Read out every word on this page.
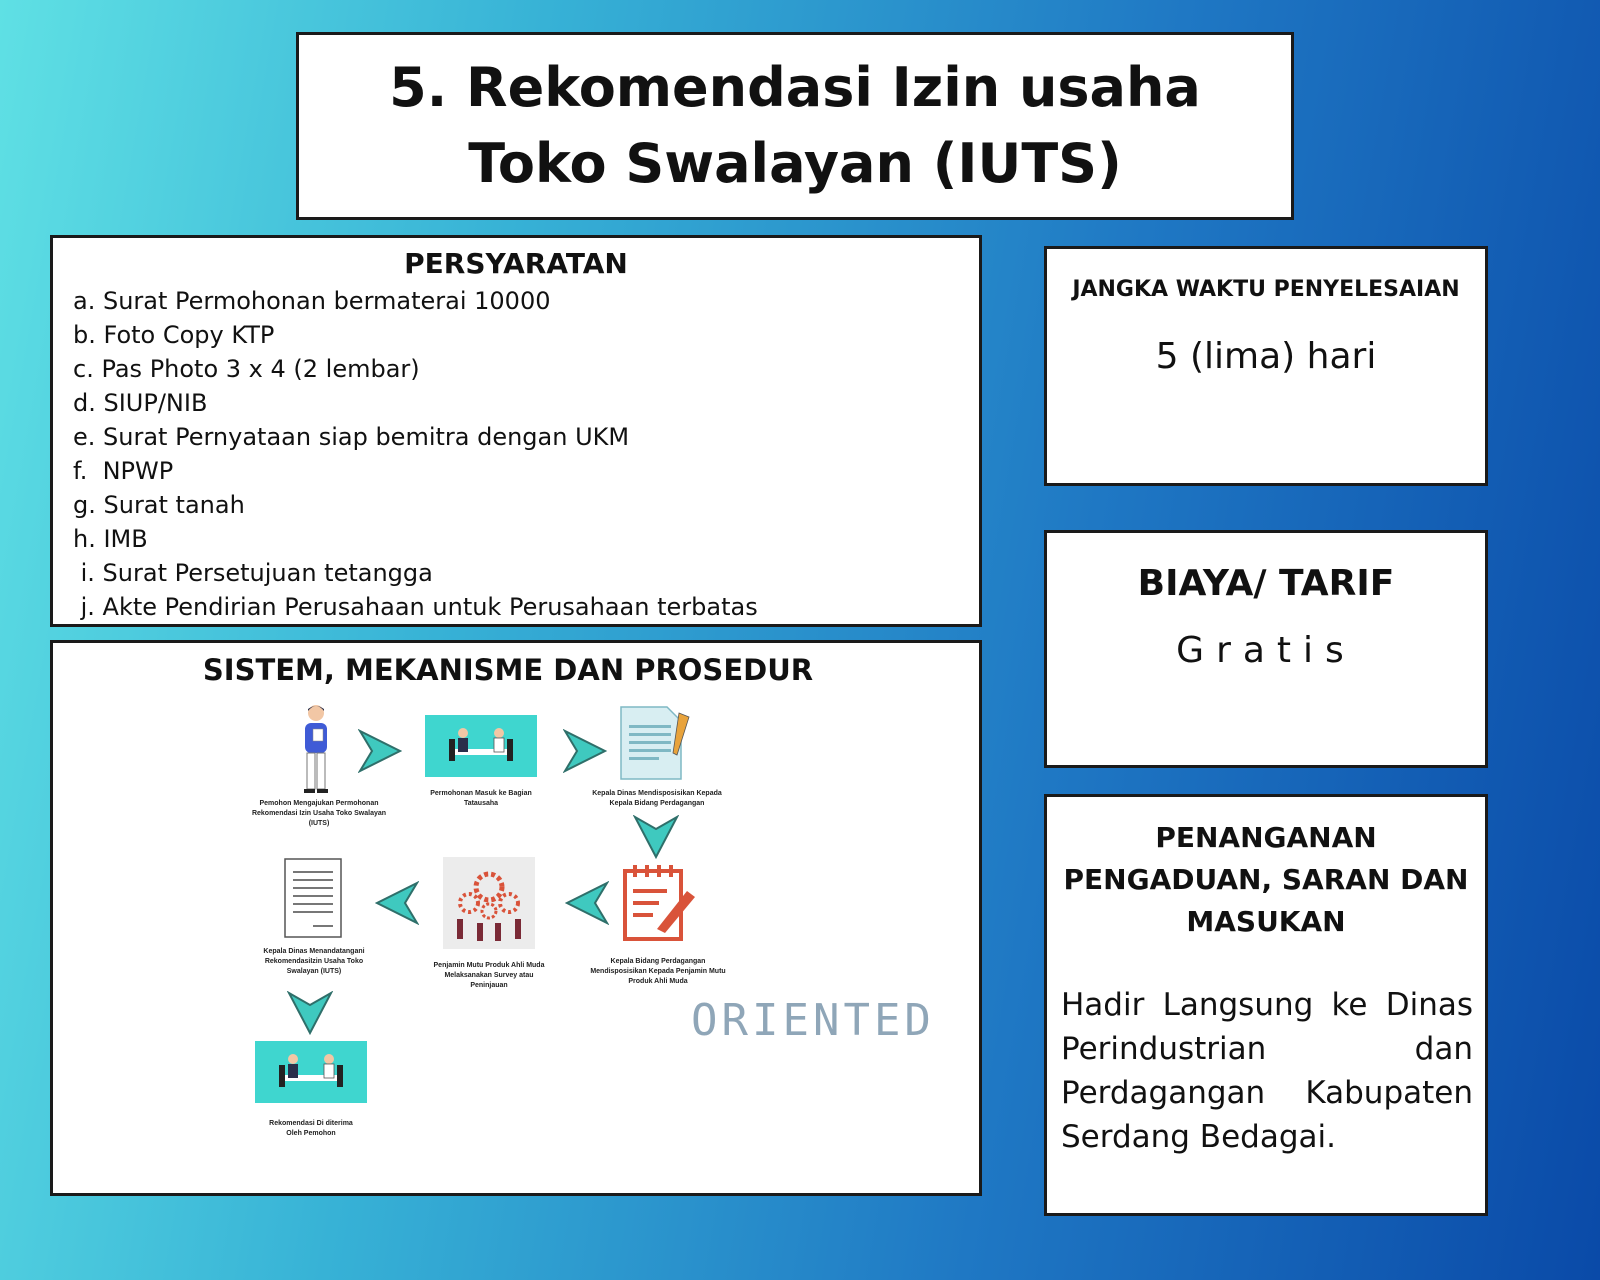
5. Rekomendasi Izin usaha Toko Swalayan (IUTS)
PERSYARATAN
a. Surat Permohonan bermaterai 10000
b. Foto Copy KTP
c. Pas Photo 3 x 4 (2 lembar)
d. SIUP/NIB
e. Surat Pernyataan siap bemitra dengan UKM
f.  NPWP
g. Surat tanah
h. IMB
i. Surat Persetujuan tetangga
j. Akte Pendirian Perusahaan untuk Perusahaan terbatas
SISTEM, MEKANISME DAN PROSEDUR
Pemohon Mengajukan Permohonan Rekomendasi Izin Usaha Toko Swalayan (IUTS)
Permohonan Masuk ke Bagian Tatausaha
Kepala Dinas Mendisposisikan Kepada Kepala Bidang Perdagangan
Kepala Bidang Perdagangan Mendisposisikan Kepada Penjamin Mutu Produk Ahli Muda
Penjamin Mutu Produk Ahli Muda Melaksanakan Survey atau Peninjauan
Kepala Dinas Menandatangani RekomendasiIzin Usaha Toko Swalayan (IUTS)
Rekomendasi Di diterima Oleh Pemohon
ORIENTED
JANGKA WAKTU PENYELESAIAN
5 (lima) hari
BIAYA/ TARIF
Gratis
PENANGANAN PENGADUAN, SARAN DAN MASUKAN

Hadir Langsung ke Dinas Perindustrian dan Perdagangan Kabupaten Serdang Bedagai.
